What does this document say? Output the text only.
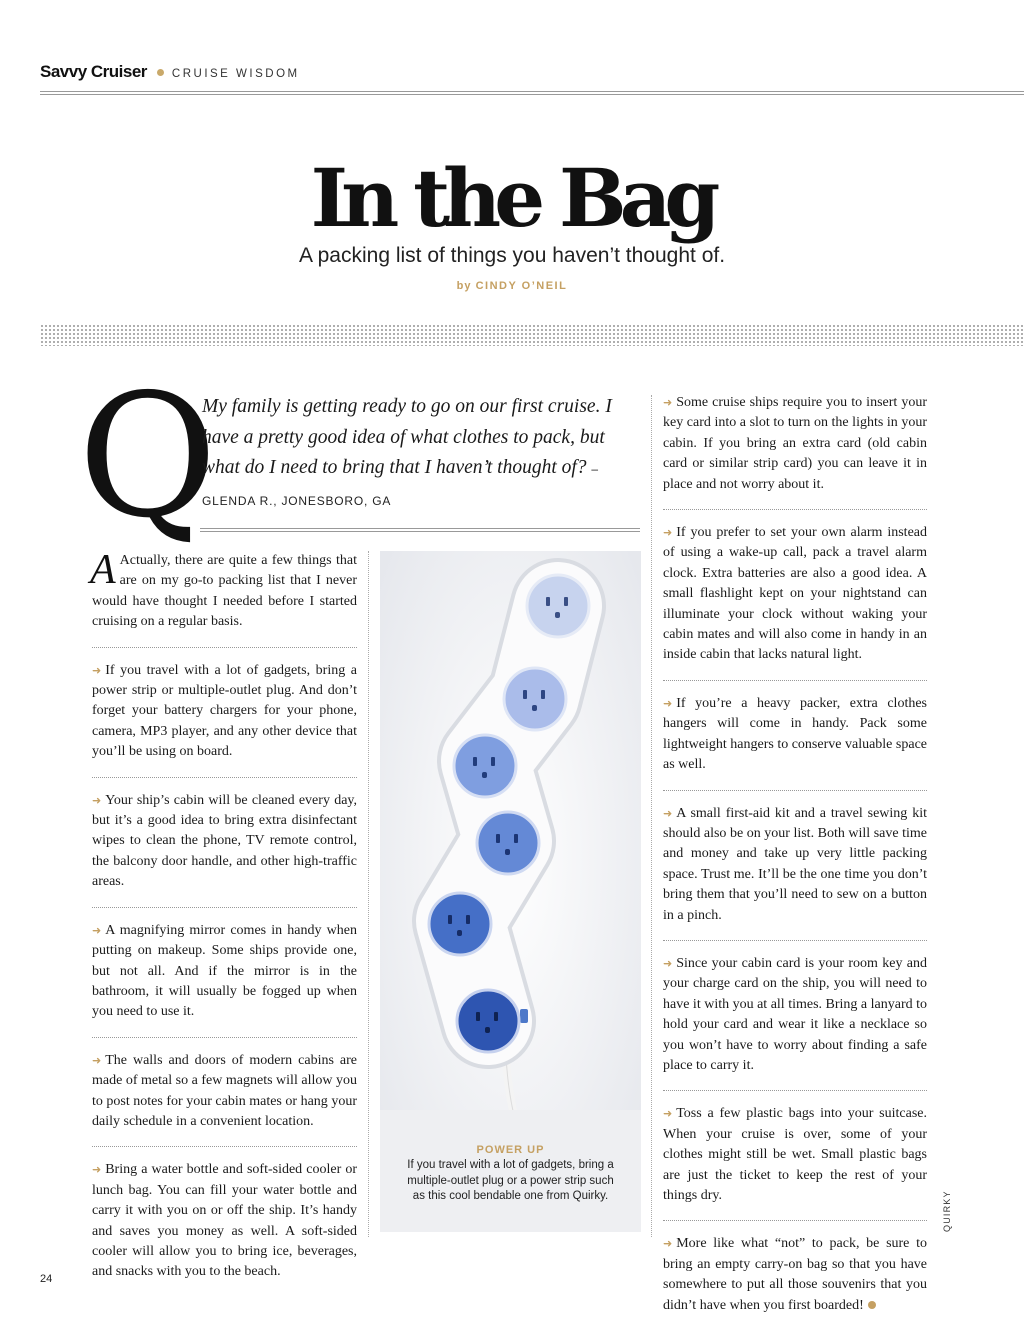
Savvy Cruiser CRUISE WISDOM
In the Bag
A packing list of things you haven’t thought of.
by CINDY O’NEIL
Q
My family is getting ready to go on our first cruise. I have a pretty good idea of what clothes to pack, but what do I need to bring that I haven’t thought of? – GLENDA R., JONESBORO, GA
A Actually, there are quite a few things that are on my go-to packing list that I never would have thought I needed before I started cruising on a regular basis.
➜ If you travel with a lot of gadgets, bring a power strip or multiple-outlet plug. And don’t forget your battery chargers for your phone, camera, MP3 player, and any other device that you’ll be using on board.
➜ Your ship’s cabin will be cleaned every day, but it’s a good idea to bring extra disinfectant wipes to clean the phone, TV remote control, the balcony door handle, and other high-traffic areas.
➜ A magnifying mirror comes in handy when putting on makeup. Some ships provide one, but not all. And if the mirror is in the bathroom, it will usually be fogged up when you need to use it.
➜ The walls and doors of modern cabins are made of metal so a few magnets will allow you to post notes for your cabin mates or hang your daily schedule in a convenient location.
➜ Bring a water bottle and soft-sided cooler or lunch bag. You can fill your water bottle and carry it with you on or off the ship. It’s handy and saves you money as well. A soft-sided cooler will allow you to bring ice, beverages, and snacks with you to the beach.
POWER UP
If you travel with a lot of gadgets, bring a multiple-outlet plug or a power strip such as this cool bendable one from Quirky.
➜ Some cruise ships require you to insert your key card into a slot to turn on the lights in your cabin. If you bring an extra card (old cabin card or similar strip card) you can leave it in place and not worry about it.
➜ If you prefer to set your own alarm instead of using a wake-up call, pack a travel alarm clock. Extra batteries are also a good idea. A small flashlight kept on your nightstand can illuminate your clock without waking your cabin mates and will also come in handy in an inside cabin that lacks natural light.
➜ If you’re a heavy packer, extra clothes hangers will come in handy. Pack some lightweight hangers to conserve valuable space as well.
➜ A small first-aid kit and a travel sewing kit should also be on your list. Both will save time and money and take up very little packing space. Trust me. It’ll be the one time you don’t bring them that you’ll need to sew on a button in a pinch.
➜ Since your cabin card is your room key and your charge card on the ship, you will need to have it with you at all times. Bring a lanyard to hold your card and wear it like a necklace so you won’t have to worry about finding a safe place to carry it.
➜ Toss a few plastic bags into your suitcase. When your cruise is over, some of your clothes might still be wet. Small plastic bags are just the ticket to keep the rest of your things dry.
➜ More like what “not” to pack, be sure to bring an empty carry-on bag so that you have somewhere to put all those souvenirs that you didn’t have when you first boarded!
QUIRKY
24
